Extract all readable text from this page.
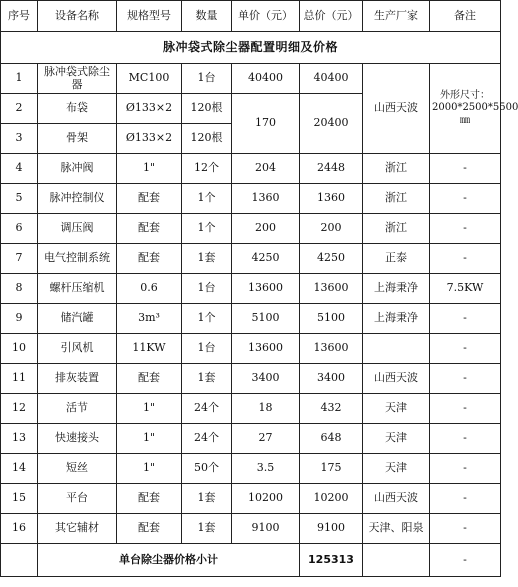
序号	设备名称	规格型号	数量	单价（元）	总价（元）	生产厂家	备注
脉冲袋式除尘器配置明细及价格							
1	脉冲袋式除尘器	MC100	1台	40400	40400	山西天波	外形尺寸：2000*2500*5500㎜
2	布袋	Ø133×2	120根	170	20400		
3	骨架	Ø133×2	120根				
4	脉冲阀	1"	12个	204	2448	浙江	-
5	脉冲控制仪	配套	1个	1360	1360	浙江	-
6	调压阀	配套	1个	200	200	浙江	-
7	电气控制系统	配套	1套	4250	4250	正泰	-
8	螺杆压缩机	0.6	1台	13600	13600	上海秉净	7.5KW
9	储汽罐	3m³	1个	5100	5100	上海秉净	-
10	引风机	11KW	1台	13600	13600		-
11	排灰装置	配套	1套	3400	3400	山西天波	-
12	活节	1"	24个	18	432	天津	-
13	快速接头	1"	24个	27	648	天津	-
14	短丝	1"	50个	3.5	175	天津	-
15	平台	配套	1套	10200	10200	山西天波	-
16	其它辅材	配套	1套	9100	9100	天津、阳泉	-
	单台除尘器价格小计				125313		-
